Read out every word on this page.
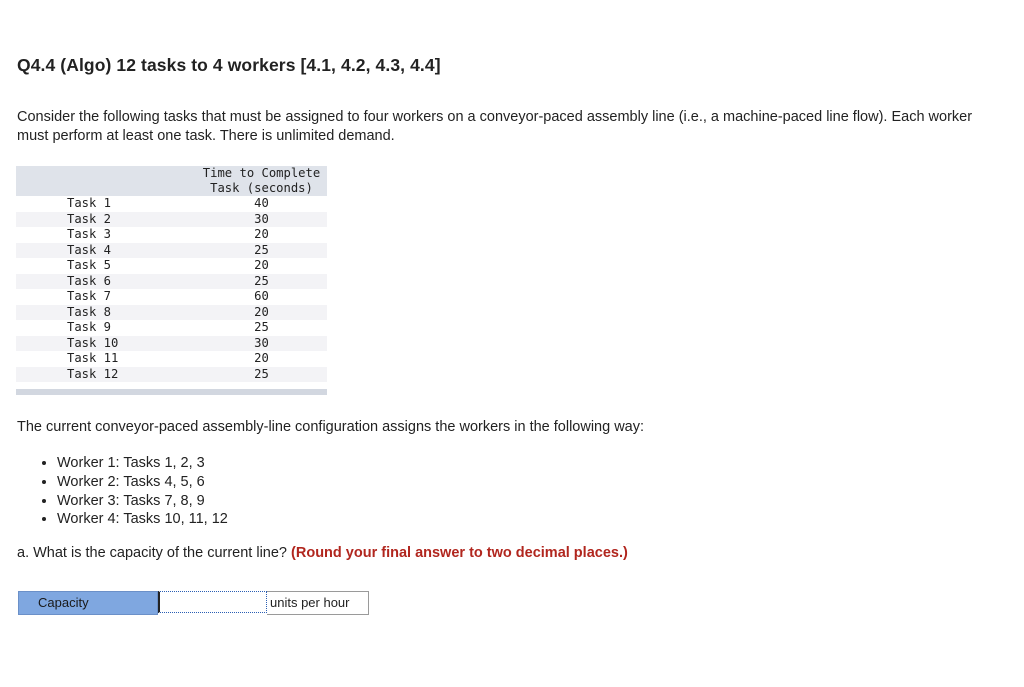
Q4.4 (Algo) 12 tasks to 4 workers [4.1, 4.2, 4.3, 4.4]

Consider the following tasks that must be assigned to four workers on a conveyor-paced assembly line (i.e., a machine-paced line flow). Each worker must perform at least one task. There is unlimited demand.

	Time to Complete
Task (seconds)

Task 1	40
Task 2	30
Task 3	20
Task 4	25
Task 5	20
Task 6	25
Task 7	60
Task 8	20
Task 9	25
Task 10	30
Task 11	20
Task 12	25

The current conveyor-paced assembly-line configuration assigns the workers in the following way:

• Worker 1: Tasks 1, 2, 3
• Worker 2: Tasks 4, 5, 6
• Worker 3: Tasks 7, 8, 9
• Worker 4: Tasks 10, 11, 12

a. What is the capacity of the current line? (Round your final answer to two decimal places.)

Capacity	units per hour
